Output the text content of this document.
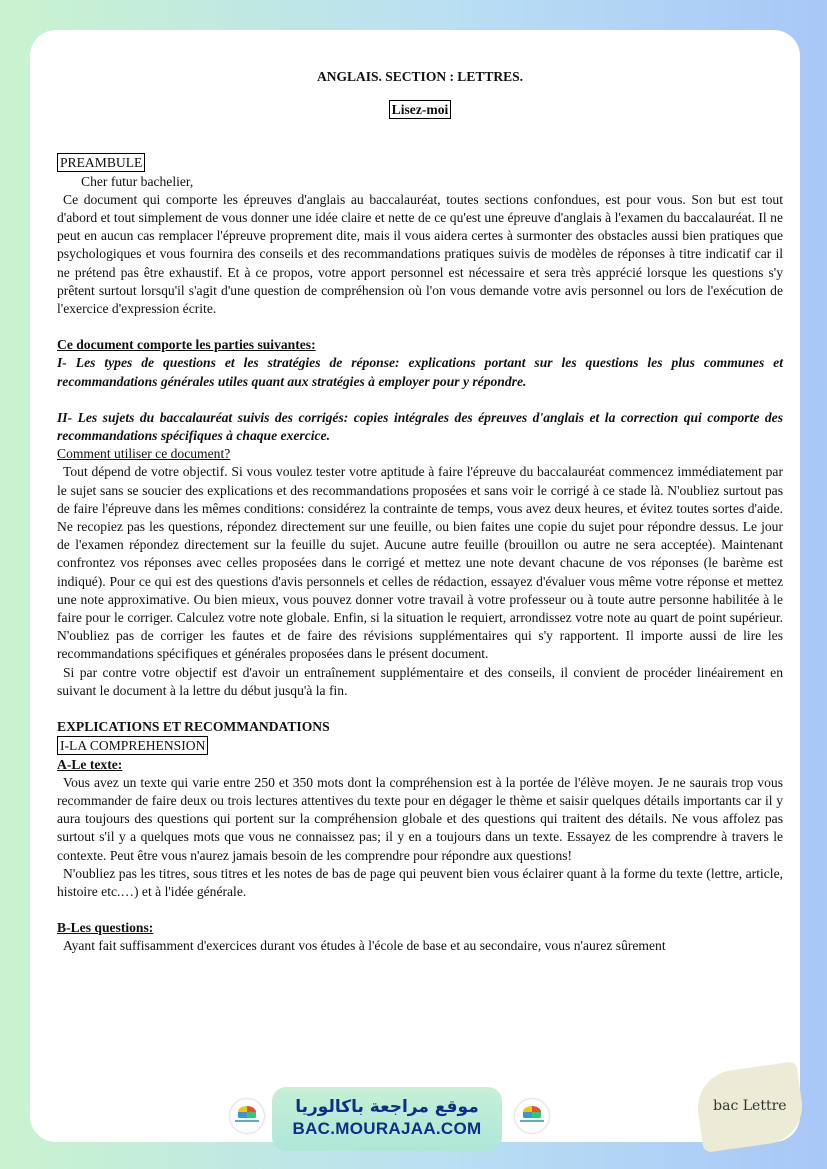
ANGLAIS. SECTION : LETTRES.
Lisez-moi
PREAMBULE

Cher futur bachelier,

Ce document qui comporte les épreuves d'anglais au baccalauréat, toutes sections confondues, est pour vous. Son but est tout d'abord et tout simplement de vous donner une idée claire et nette de ce qu'est une épreuve d'anglais à l'examen du baccalauréat. Il ne peut en aucun cas remplacer l'épreuve proprement dite, mais il vous aidera certes à surmonter des obstacles aussi bien pratiques que psychologiques et vous fournira des conseils et des recommandations pratiques suivis de modèles de réponses à titre indicatif car il ne prétend pas être exhaustif. Et à ce propos, votre apport personnel est nécessaire et sera très apprécié lorsque les questions s'y prêtent surtout lorsqu'il s'agit d'une question de compréhension où l'on vous demande votre avis personnel ou lors de l'exécution de l'exercice d'expression écrite.

Ce document comporte les parties suivantes:

I- Les types de questions et les stratégies de réponse: explications portant sur les questions les plus communes et recommandations générales utiles quant aux stratégies à employer pour y répondre.

II- Les sujets du baccalauréat suivis des corrigés: copies intégrales des épreuves d'anglais et la correction qui comporte des recommandations spécifiques à chaque exercice.

Comment utiliser ce document?

Tout dépend de votre objectif. Si vous voulez tester votre aptitude à faire l'épreuve du baccalauréat commencez immédiatement par le sujet sans se soucier des explications et des recommandations proposées et sans voir le corrigé à ce stade là. N'oubliez surtout pas de faire l'épreuve dans les mêmes conditions: considérez la contrainte de temps, vous avez deux heures, et évitez toutes sortes d'aide. Ne recopiez pas les questions, répondez directement sur une feuille, ou bien faites une copie du sujet pour répondre dessus. Le jour de l'examen répondez directement sur la feuille du sujet. Aucune autre feuille (brouillon ou autre ne sera acceptée). Maintenant confrontez vos réponses avec celles proposées dans le corrigé et mettez une note devant chacune de vos réponses (le barème est indiqué). Pour ce qui est des questions d'avis personnels et celles de rédaction, essayez d'évaluer vous même votre réponse et mettez une note approximative. Ou bien mieux, vous pouvez donner votre travail à votre professeur ou à toute autre personne habilitée à le faire pour le corriger. Calculez votre note globale. Enfin, si la situation le requiert, arrondissez votre note au quart de point supérieur. N'oubliez pas de corriger les fautes et de faire des révisions supplémentaires qui s'y rapportent. Il importe aussi de lire les recommandations spécifiques et générales proposées dans le présent document.

Si par contre votre objectif est d'avoir un entraînement supplémentaire et des conseils, il convient de procéder linéairement en suivant le document à la lettre du début jusqu'à la fin.

EXPLICATIONS ET RECOMMANDATIONS

I-LA COMPREHENSION

A-Le texte:

Vous avez un texte qui varie entre 250 et 350 mots dont la compréhension est à la portée de l'élève moyen. Je ne saurais trop vous recommander de faire deux ou trois lectures attentives du texte pour en dégager le thème et saisir quelques détails importants car il y aura toujours des questions qui portent sur la compréhension globale et des questions qui traitent des détails. Ne vous affolez pas surtout s'il y a quelques mots que vous ne connaissez pas; il y en a toujours dans un texte. Essayez de les comprendre à travers le contexte. Peut être vous n'aurez jamais besoin de les comprendre pour répondre aux questions!

N'oubliez pas les titres, sous titres et les notes de bas de page qui peuvent bien vous éclairer quant à la forme du texte (lettre, article, histoire etc.…) et à l'idée générale.

B-Les questions:

Ayant fait suffisamment d'exercices durant vos études à l'école de base et au secondaire, vous n'aurez sûrement

موقع مراجعة باكالوريا
BAC.MOURAJAA.COM
bac Lettre
